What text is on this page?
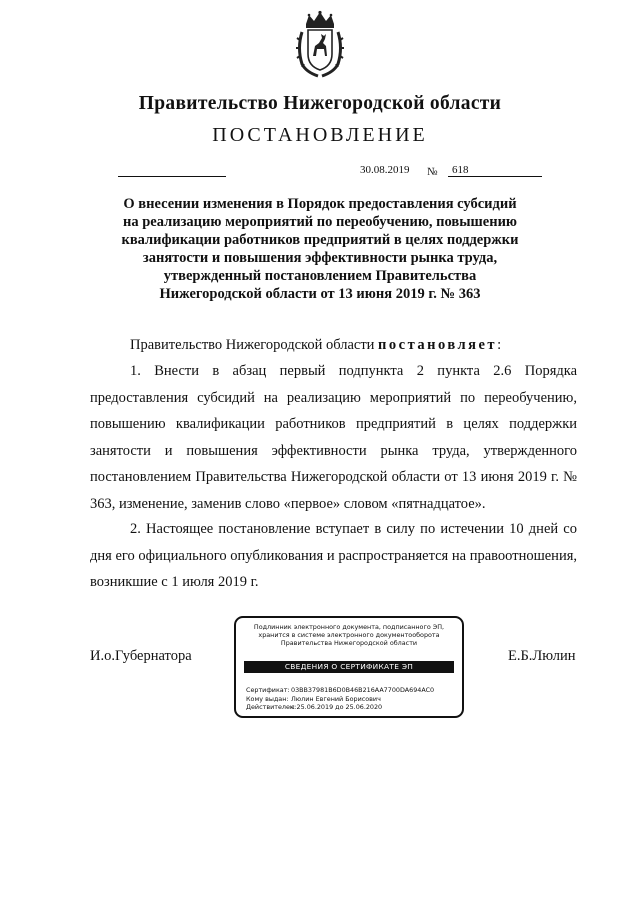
Правительство Нижегородской области
ПОСТАНОВЛЕНИЕ
30.08.2019 №	618
О внесении изменения в Порядок предоставления субсидий
на реализацию мероприятий по переобучению, повышению
квалификации работников предприятий в целях поддержки
занятости и повышения эффективности рынка труда,
утвержденный постановлением Правительства
Нижегородской области от 13 июня 2019 г. № 363
Правительство Нижегородской области постановляет:
1. Внести в абзац первый подпункта 2 пункта 2.6 Порядка предоставления субсидий на реализацию мероприятий по переобучению, повышению квалификации работников предприятий в целях поддержки занятости и повышения эффективности рынка труда, утвержденного постановлением Правительства Нижегородской области от 13 июня 2019 г. № 363, изменение, заменив слово «первое» словом «пятнадцатое».
2. Настоящее постановление вступает в силу по истечении 10 дней со дня его официального опубликования и распространяется на правоотношения, возникшие с 1 июля 2019 г.
И.о.Губернатора	Е.Б.Люлин
Подлинник электронного документа, подписанного ЭП,
хранится в системе электронного документооборота
Правительства Нижегородской области
СВЕДЕНИЯ О СЕРТИФИКАТЕ ЭП
Сертификат:03BB37981B6D0B46B216AA7700DA694AC0
Кому выдан: Люлин Евгений Борисович
Действителен:с 25.06.2019 до 25.06.2020
